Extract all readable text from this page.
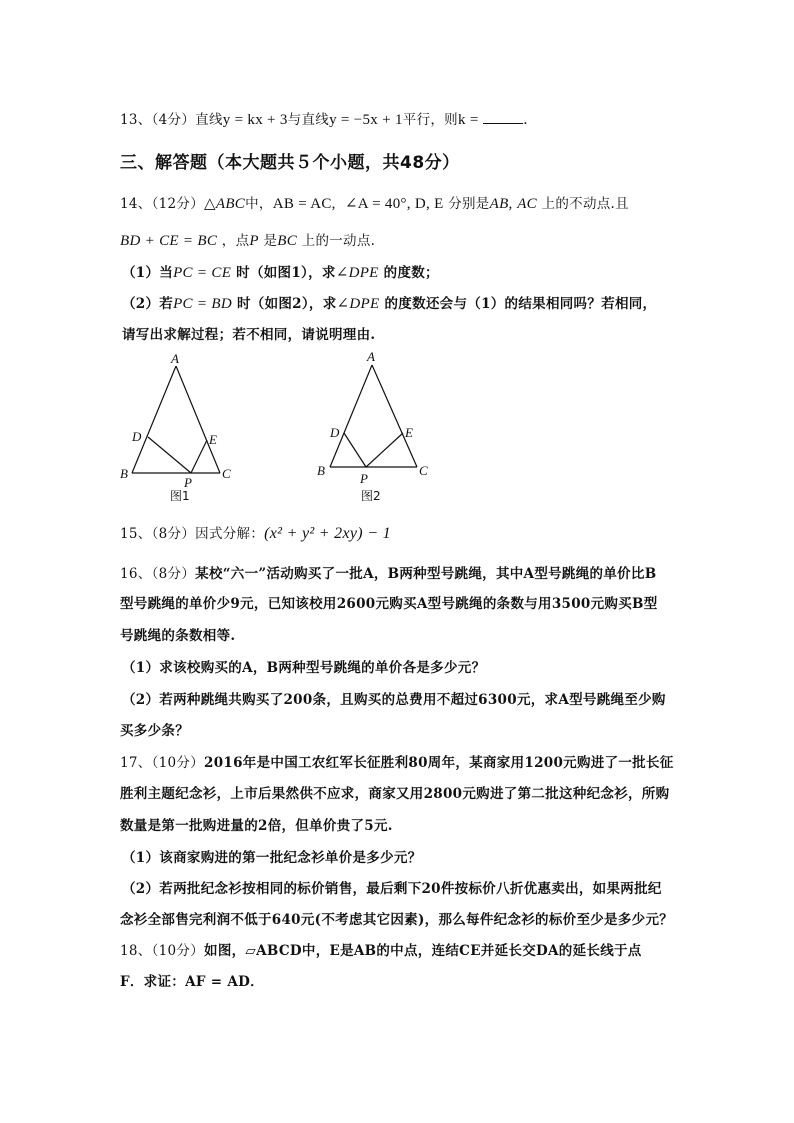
13、（4分）直线y = kx + 3与直线y = −5x + 1平行，则k =	.
三、解答题（本大题共５个小题，共48分）
14、（12分）△ABC中，AB = AC, ∠A = 40°, D, E 分别是AB, AC 上的不动点.且
BD + CE = BC ，点P 是BC 上的一动点.
（1）当PC = CE 时（如图1），求∠DPE 的度数；
（2）若PC = BD 时（如图2），求∠DPE 的度数还会与（1）的结果相同吗？若相同，
请写出求解过程；若不相同，请说明理由.
A
B	C
D	E
P
图1
A
B	C
D	E
P
图2
15、（8分）因式分解：(x² + y² + 2xy) − 1
16、（8分）某校“六一”活动购买了一批A，B两种型号跳绳，其中A型号跳绳的单价比B
型号跳绳的单价少9元，已知该校用2600元购买A型号跳绳的条数与用3500元购买B型
号跳绳的条数相等.
（1）求该校购买的A，B两种型号跳绳的单价各是多少元？
（2）若两种跳绳共购买了200条，且购买的总费用不超过6300元，求A型号跳绳至少购
买多少条？
17、（10分）2016年是中国工农红军长征胜利80周年，某商家用1200元购进了一批长征
胜利主题纪念衫，上市后果然供不应求，商家又用2800元购进了第二批这种纪念衫，所购
数量是第一批购进量的2倍，但单价贵了5元.
（1）该商家购进的第一批纪念衫单价是多少元？
（2）若两批纪念衫按相同的标价销售，最后剩下20件按标价八折优惠卖出，如果两批纪
念衫全部售完利润不低于640元(不考虑其它因素)，那么每件纪念衫的标价至少是多少元？
18、（10分）如图，▱ABCD中，E是AB的中点，连结CE并延长交DA的延长线于点
F．求证：AF = AD．
